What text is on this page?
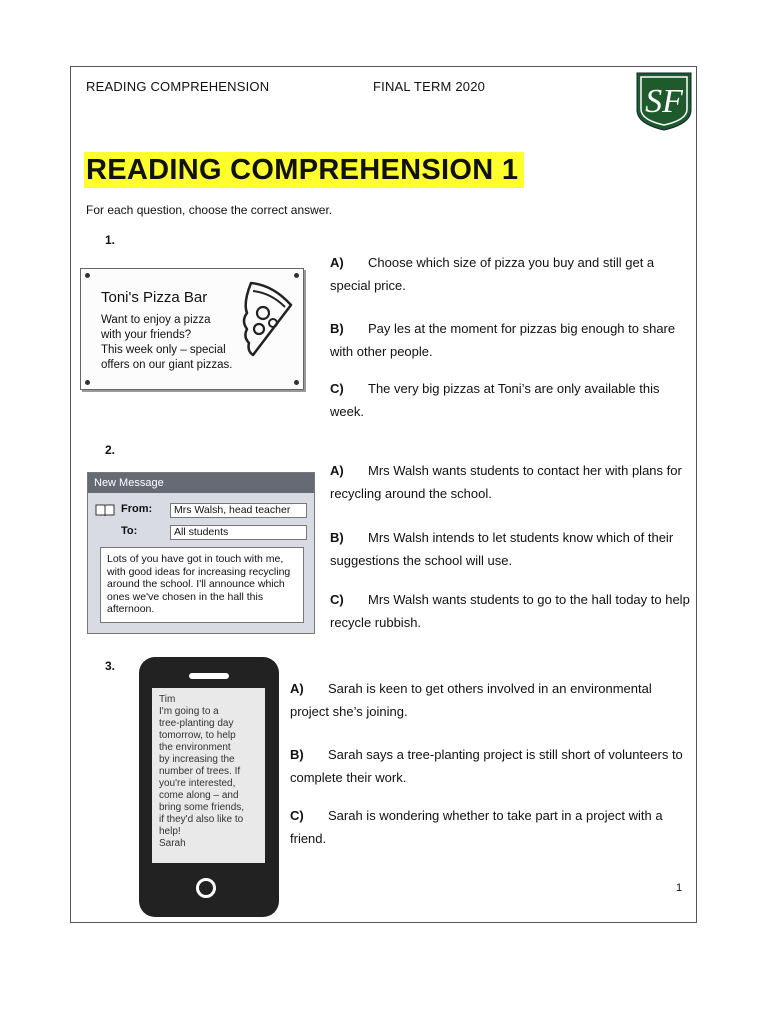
READING COMPREHENSION	FINAL TERM 2020	SF
READING COMPREHENSION 1
For each question, choose the correct answer.
1.
Toni's Pizza Bar
Want to enjoy a pizza
with your friends?
This week only – special
offers on our giant pizzas.
A) Choose which size of pizza you buy and still get a special price.
B) Pay les at the moment for pizzas big enough to share with other people.
C) The very big pizzas at Toni’s are only available this week.
2.
New Message
From:	Mrs Walsh, head teacher
To:	All students
Lots of you have got in touch with me, with good ideas for increasing recycling around the school. I'll announce which ones we've chosen in the hall this afternoon.
A) Mrs Walsh wants students to contact her with plans for recycling around the school.
B) Mrs Walsh intends to let students know which of their suggestions the school will use.
C) Mrs Walsh wants students to go to the hall today to help recycle rubbish.
3.
Tim
I'm going to a
tree-planting day
tomorrow, to help
the environment
by increasing the
number of trees. If
you're interested,
come along – and
bring some friends,
if they'd also like to
help!
Sarah
A) Sarah is keen to get others involved in an environmental project she’s joining.
B) Sarah says a tree-planting project is still short of volunteers to complete their work.
C) Sarah is wondering whether to take part in a project with a friend.
1
